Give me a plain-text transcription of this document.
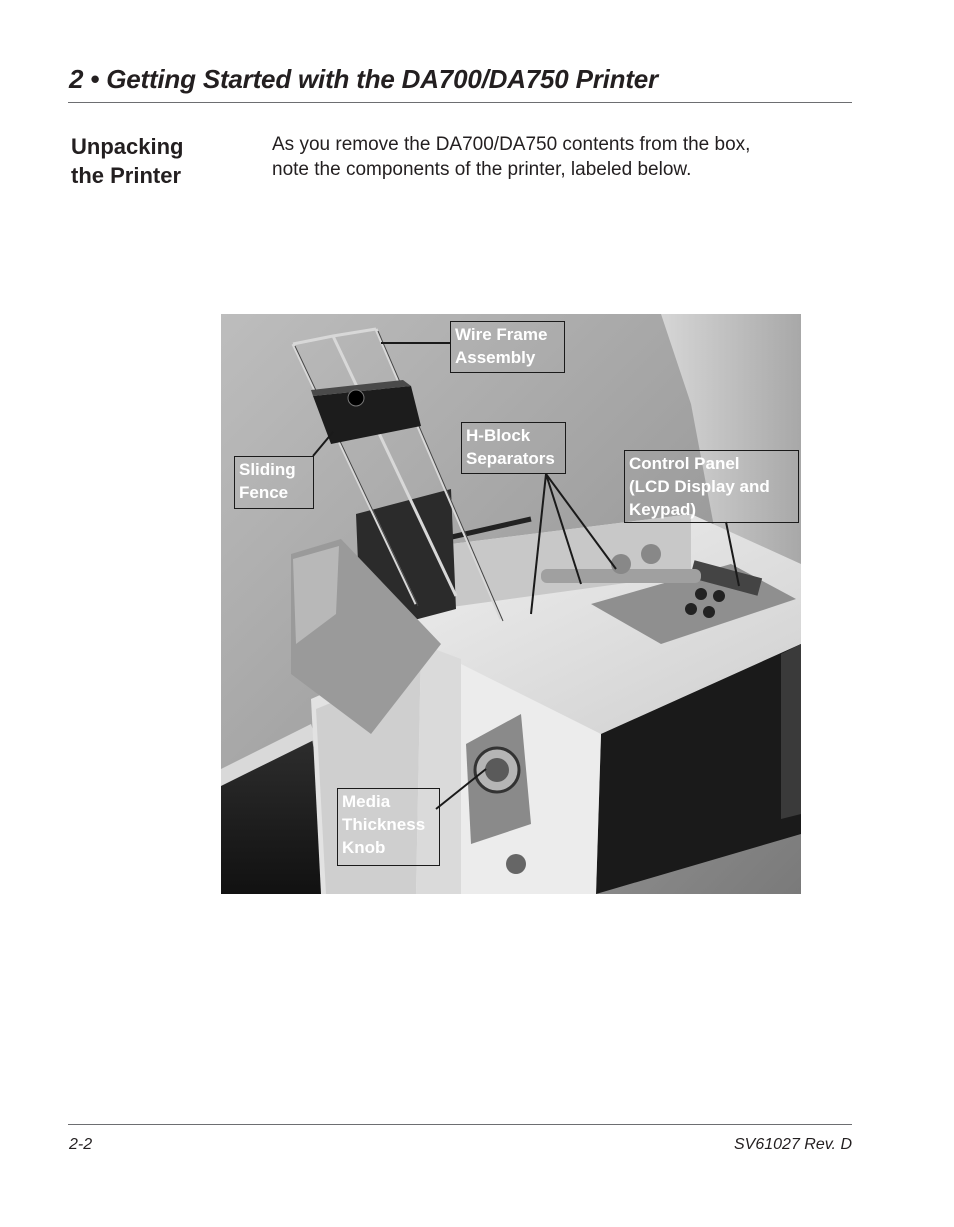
2 • Getting Started with the DA700/DA750 Printer
Unpacking
the Printer
As you remove the DA700/DA750 contents from the box,
note the components of the printer, labeled below.
Wire Frame
Assembly
H-Block
Separators
Sliding
Fence
Control Panel
(LCD Display and
Keypad)
Media
Thickness
Knob
2-2	SV61027 Rev. D
